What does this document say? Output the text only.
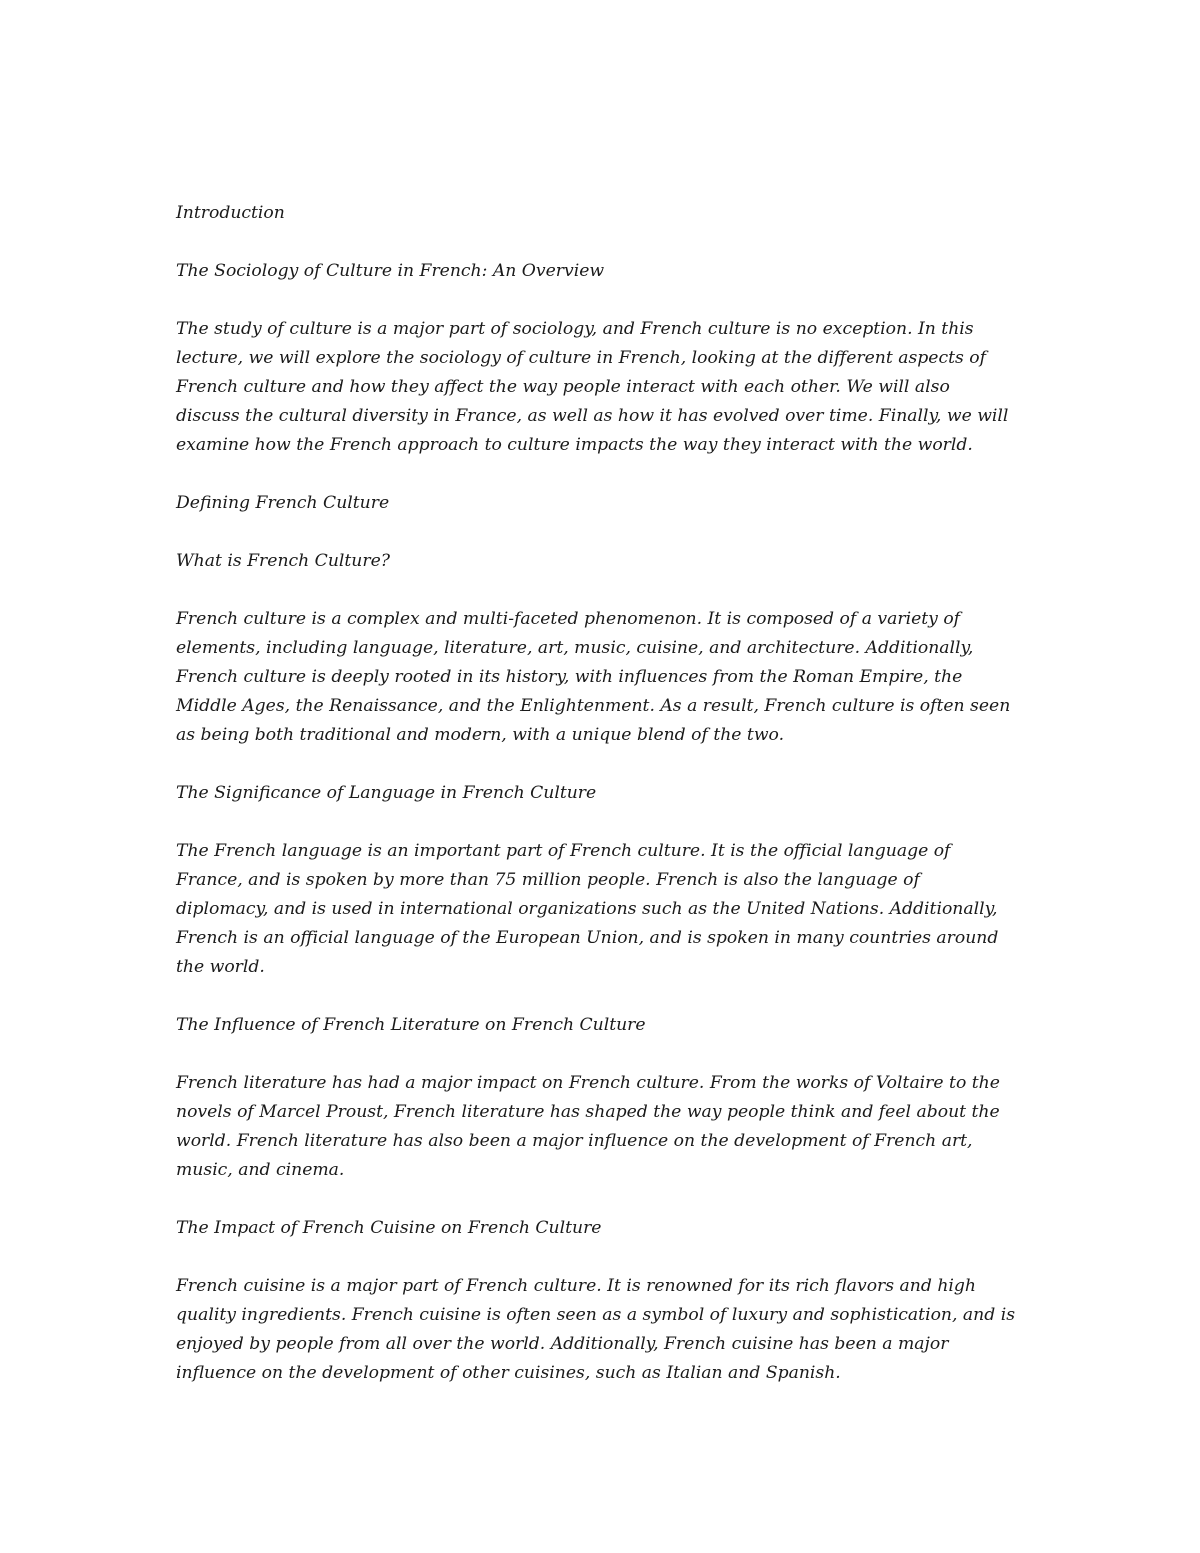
Introduction

The Sociology of Culture in French: An Overview

The study of culture is a major part of sociology, and French culture is no exception. In this
lecture, we will explore the sociology of culture in French, looking at the different aspects of
French culture and how they affect the way people interact with each other. We will also
discuss the cultural diversity in France, as well as how it has evolved over time. Finally, we will
examine how the French approach to culture impacts the way they interact with the world.

Defining French Culture

What is French Culture?

French culture is a complex and multi-faceted phenomenon. It is composed of a variety of
elements, including language, literature, art, music, cuisine, and architecture. Additionally,
French culture is deeply rooted in its history, with influences from the Roman Empire, the
Middle Ages, the Renaissance, and the Enlightenment. As a result, French culture is often seen
as being both traditional and modern, with a unique blend of the two.

The Significance of Language in French Culture

The French language is an important part of French culture. It is the official language of
France, and is spoken by more than 75 million people. French is also the language of
diplomacy, and is used in international organizations such as the United Nations. Additionally,
French is an official language of the European Union, and is spoken in many countries around
the world.

The Influence of French Literature on French Culture

French literature has had a major impact on French culture. From the works of Voltaire to the
novels of Marcel Proust, French literature has shaped the way people think and feel about the
world. French literature has also been a major influence on the development of French art,
music, and cinema.

The Impact of French Cuisine on French Culture

French cuisine is a major part of French culture. It is renowned for its rich flavors and high
quality ingredients. French cuisine is often seen as a symbol of luxury and sophistication, and is
enjoyed by people from all over the world. Additionally, French cuisine has been a major
influence on the development of other cuisines, such as Italian and Spanish.
